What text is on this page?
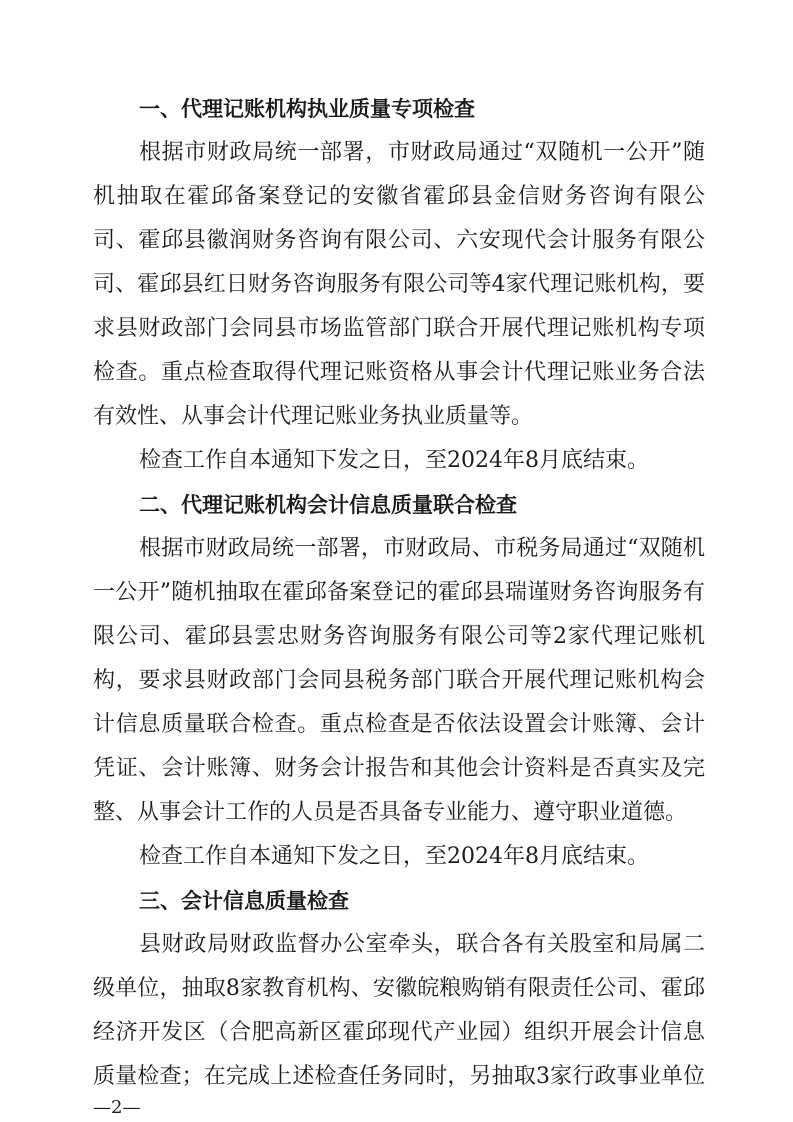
一、代理记账机构执业质量专项检查
根据市财政局统一部署，市财政局通过“双随机一公开”随
机抽取在霍邱备案登记的安徽省霍邱县金信财务咨询有限公
司、霍邱县徽润财务咨询有限公司、六安现代会计服务有限公
司、霍邱县红日财务咨询服务有限公司等4家代理记账机构，要
求县财政部门会同县市场监管部门联合开展代理记账机构专项
检查。重点检查取得代理记账资格从事会计代理记账业务合法
有效性、从事会计代理记账业务执业质量等。
检查工作自本通知下发之日，至2024年8月底结束。
二、代理记账机构会计信息质量联合检查
根据市财政局统一部署，市财政局、市税务局通过“双随机
一公开”随机抽取在霍邱备案登记的霍邱县瑞谨财务咨询服务有
限公司、霍邱县雲忠财务咨询服务有限公司等2家代理记账机
构，要求县财政部门会同县税务部门联合开展代理记账机构会
计信息质量联合检查。重点检查是否依法设置会计账簿、会计
凭证、会计账簿、财务会计报告和其他会计资料是否真实及完
整、从事会计工作的人员是否具备专业能力、遵守职业道德。
检查工作自本通知下发之日，至2024年8月底结束。
三、会计信息质量检查
县财政局财政监督办公室牵头，联合各有关股室和局属二
级单位，抽取8家教育机构、安徽皖粮购销有限责任公司、霍邱
经济开发区（合肥高新区霍邱现代产业园）组织开展会计信息
质量检查；在完成上述检查任务同时，另抽取3家行政事业单位
—2—
